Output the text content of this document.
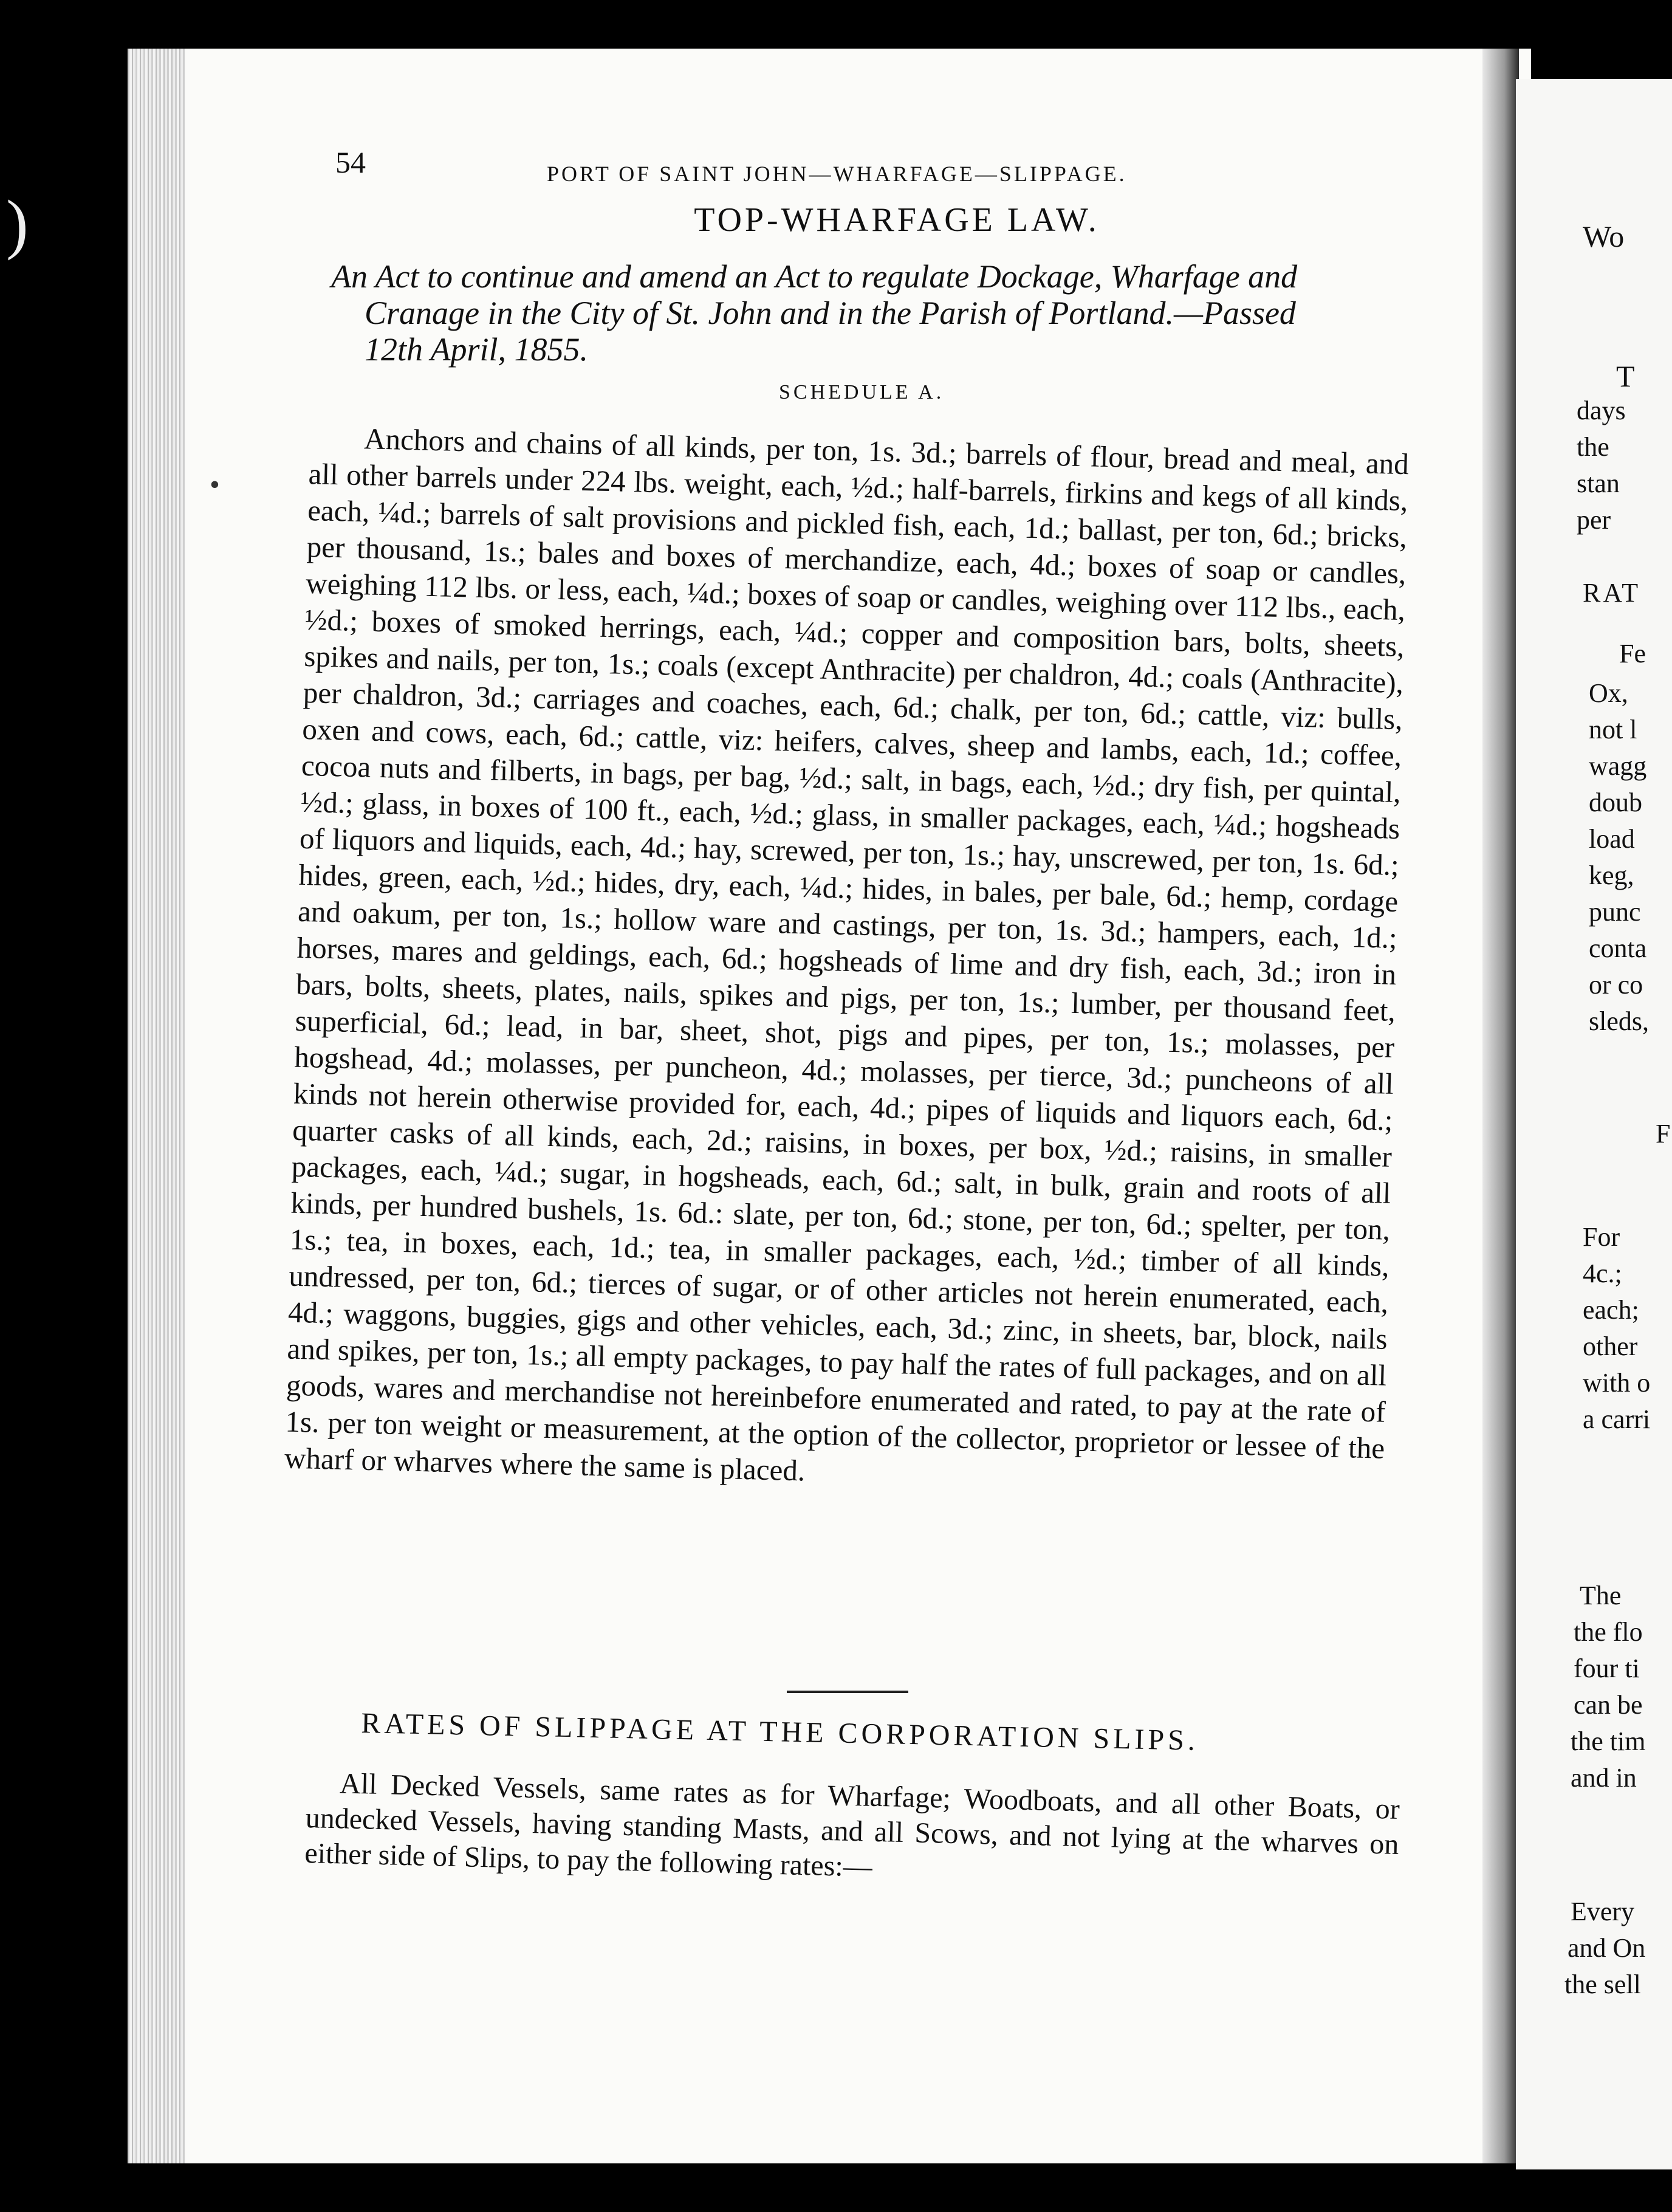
)
•
54	PORT OF SAINT JOHN—WHARFAGE—SLIPPAGE.
TOP-WHARFAGE LAW.
An Act to continue and amend an Act to regulate Dockage, Wharfage and
Cranage in the City of St. John and in the Parish of Portland.—Passed
12th April, 1855.
SCHEDULE A.
Anchors and chains of all kinds, per ton, 1s. 3d.; barrels of flour, bread and meal, and all other barrels under 224 lbs. weight, each, ½d.; half-barrels, firkins and kegs of all kinds, each, ¼d.; barrels of salt provisions and pickled fish, each, 1d.; ballast, per ton, 6d.; bricks, per thousand, 1s.; bales and boxes of merchandize, each, 4d.; boxes of soap or candles, weighing 112 lbs. or less, each, ¼d.; boxes of soap or candles, weighing over 112 lbs., each, ½d.; boxes of smoked herrings, each, ¼d.; copper and composition bars, bolts, sheets, spikes and nails, per ton, 1s.; coals (except Anthracite) per chaldron, 4d.; coals (Anthracite), per chaldron, 3d.; carriages and coaches, each, 6d.; chalk, per ton, 6d.; cattle, viz: bulls, oxen and cows, each, 6d.; cattle, viz: heifers, calves, sheep and lambs, each, 1d.; coffee, cocoa nuts and filberts, in bags, per bag, ½d.; salt, in bags, each, ½d.; dry fish, per quintal, ½d.; glass, in boxes of 100 ft., each, ½d.; glass, in smaller packages, each, ¼d.; hogsheads of liquors and liquids, each, 4d.; hay, screwed, per ton, 1s.; hay, unscrewed, per ton, 1s. 6d.; hides, green, each, ½d.; hides, dry, each, ¼d.; hides, in bales, per bale, 6d.; hemp, cordage and oakum, per ton, 1s.; hollow ware and castings, per ton, 1s. 3d.; hampers, each, 1d.; horses, mares and geldings, each, 6d.; hogsheads of lime and dry fish, each, 3d.; iron in bars, bolts, sheets, plates, nails, spikes and pigs, per ton, 1s.; lumber, per thousand feet, superficial, 6d.; lead, in bar, sheet, shot, pigs and pipes, per ton, 1s.; molasses, per hogshead, 4d.; molasses, per puncheon, 4d.; molasses, per tierce, 3d.; puncheons of all kinds not herein otherwise provided for, each, 4d.; pipes of liquids and liquors each, 6d.; quarter casks of all kinds, each, 2d.; raisins, in boxes, per box, ½d.; raisins, in smaller packages, each, ¼d.; sugar, in hogsheads, each, 6d.; salt, in bulk, grain and roots of all kinds, per hundred bushels, 1s. 6d.: slate, per ton, 6d.; stone, per ton, 6d.; spelter, per ton, 1s.; tea, in boxes, each, 1d.; tea, in smaller packages, each, ½d.; timber of all kinds, undressed, per ton, 6d.; tierces of sugar, or of other articles not herein enumerated, each, 4d.; waggons, buggies, gigs and other vehicles, each, 3d.; zinc, in sheets, bar, block, nails and spikes, per ton, 1s.; all empty packages, to pay half the rates of full packages, and on all goods, wares and merchandise not hereinbefore enumerated and rated, to pay at the rate of 1s. per ton weight or measurement, at the option of the collector, proprietor or lessee of the wharf or wharves where the same is placed.
RATES OF SLIPPAGE AT THE CORPORATION SLIPS.
All Decked Vessels, same rates as for Wharfage; Woodboats, and all other Boats, or undecked Vessels, having standing Masts, and all Scows, and not lying at the wharves on either side of Slips, to pay the following rates:—
Wo
T
days
the
stan
per
RAT
Fe
Ox,
not l
wagg
doub
load
keg,
punc
conta
or co
sleds,
F
For
4c.;
each;
other
with o
a carri
The
the flo
four ti
can be
the tim
and in
Every
and On
the sell
